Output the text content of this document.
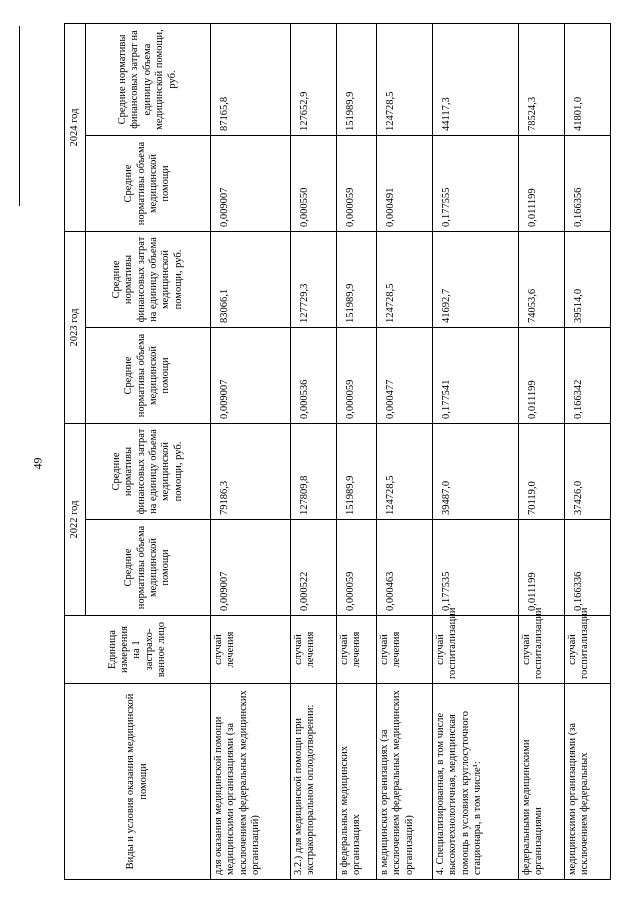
49
Виды и условия оказания медицинской помощи	Единица измерения на 1 застрахо-ванное лицо	2022 год		2023 год		2024 год	
		Средние нормативы объема медицинской помощи	Средние нормативы финансовых затрат на единицу объема медицинской помощи, руб.	Средние нормативы объема медицинской помощи	Средние нормативы финансовых затрат на единицу объема медицинской помощи, руб.	Средние нормативы объема медицинской помощи	Средние нормативы финансовых затрат на единицу объема медицинской помощи, руб.
для оказания медицинской помощи медицинскими организациями (за исключением федеральных медицинских организаций)	случай лечения	0,009007	79186,3	0,009007	83066,1	0,009007	87165,8
3.2.) для медицинской помощи при экстракорпоральном оплодотворении:	случай лечения	0,000522	127809,8	0,000536	127729,3	0,000550	127652,9
в федеральных медицинских организациях	случай лечения	0,000059	151989,9	0,000059	151989,9	0,000059	151989,9
в медицинских организациях (за исключением федеральных медицинских организаций)	случай лечения	0,000463	124728,5	0,000477	124728,5	0,000491	124728,5
4. Специализированная, в том числе высокотехнологичная, медицинская помощь в условиях круглосуточного стационара, в том числе¹:	случай госпитализации	0,177535	39487,0	0,177541	41692,7	0,177555	44117,3
федеральными медицинскими организациями	случай госпитализации	0,011199	70119,0	0,011199	74053,6	0,011199	78524,3
медицинскими организациями (за исключением федеральных	случай госпитализации	0,166336	37426,0	0,166342	39514,0	0,166356	41801,0
